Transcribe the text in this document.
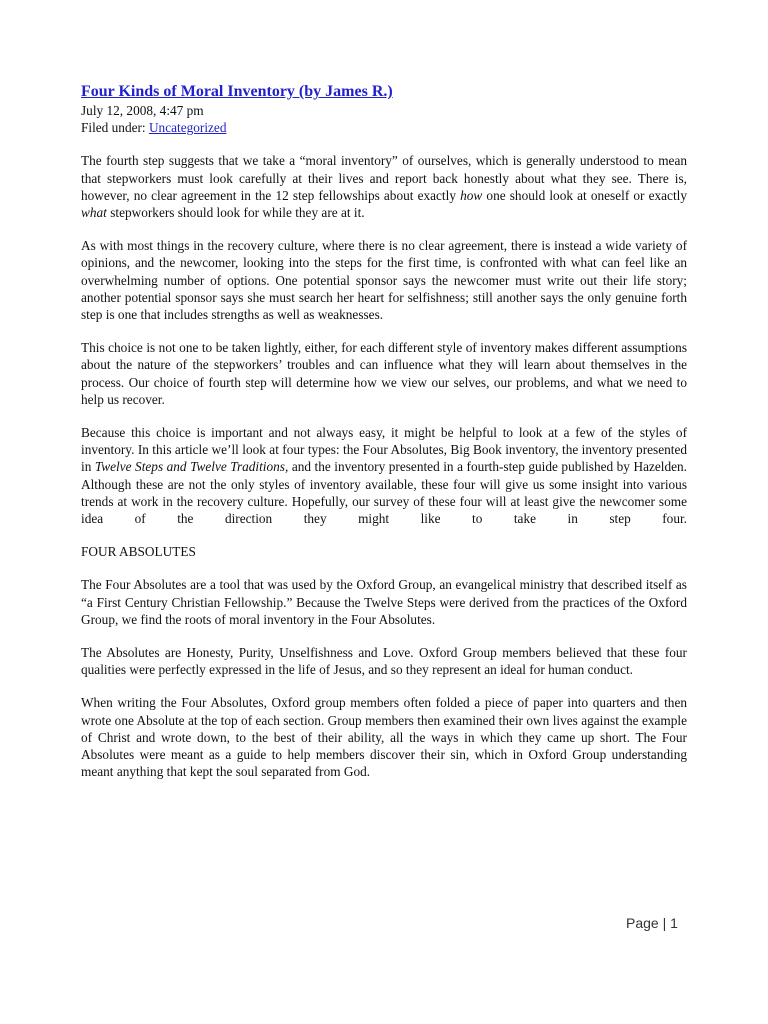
Four Kinds of Moral Inventory (by James R.)
July 12, 2008, 4:47 pm
Filed under: Uncategorized

The fourth step suggests that we take a “moral inventory” of ourselves, which is generally understood to mean that stepworkers must look carefully at their lives and report back honestly about what they see. There is, however, no clear agreement in the 12 step fellowships about exactly how one should look at oneself or exactly what stepworkers should look for while they are at it.

As with most things in the recovery culture, where there is no clear agreement, there is instead a wide variety of opinions, and the newcomer, looking into the steps for the first time, is confronted with what can feel like an overwhelming number of options. One potential sponsor says the newcomer must write out their life story; another potential sponsor says she must search her heart for selfishness; still another says the only genuine forth step is one that includes strengths as well as weaknesses.

This choice is not one to be taken lightly, either, for each different style of inventory makes different assumptions about the nature of the stepworkers’ troubles and can influence what they will learn about themselves in the process. Our choice of fourth step will determine how we view our selves, our problems, and what we need to help us recover.

Because this choice is important and not always easy, it might be helpful to look at a few of the styles of inventory. In this article we’ll look at four types: the Four Absolutes, Big Book inventory, the inventory presented in Twelve Steps and Twelve Traditions, and the inventory presented in a fourth-step guide published by Hazelden. Although these are not the only styles of inventory available, these four will give us some insight into various trends at work in the recovery culture. Hopefully, our survey of these four will at least give the newcomer some idea of the direction they might like to take in step four.

FOUR ABSOLUTES

The Four Absolutes are a tool that was used by the Oxford Group, an evangelical ministry that described itself as “a First Century Christian Fellowship.” Because the Twelve Steps were derived from the practices of the Oxford Group, we find the roots of moral inventory in the Four Absolutes.

The Absolutes are Honesty, Purity, Unselfishness and Love. Oxford Group members believed that these four qualities were perfectly expressed in the life of Jesus, and so they represent an ideal for human conduct.

When writing the Four Absolutes, Oxford group members often folded a piece of paper into quarters and then wrote one Absolute at the top of each section. Group members then examined their own lives against the example of Christ and wrote down, to the best of their ability, all the ways in which they came up short. The Four Absolutes were meant as a guide to help members discover their sin, which in Oxford Group understanding meant anything that kept the soul separated from God.

Page | 1
